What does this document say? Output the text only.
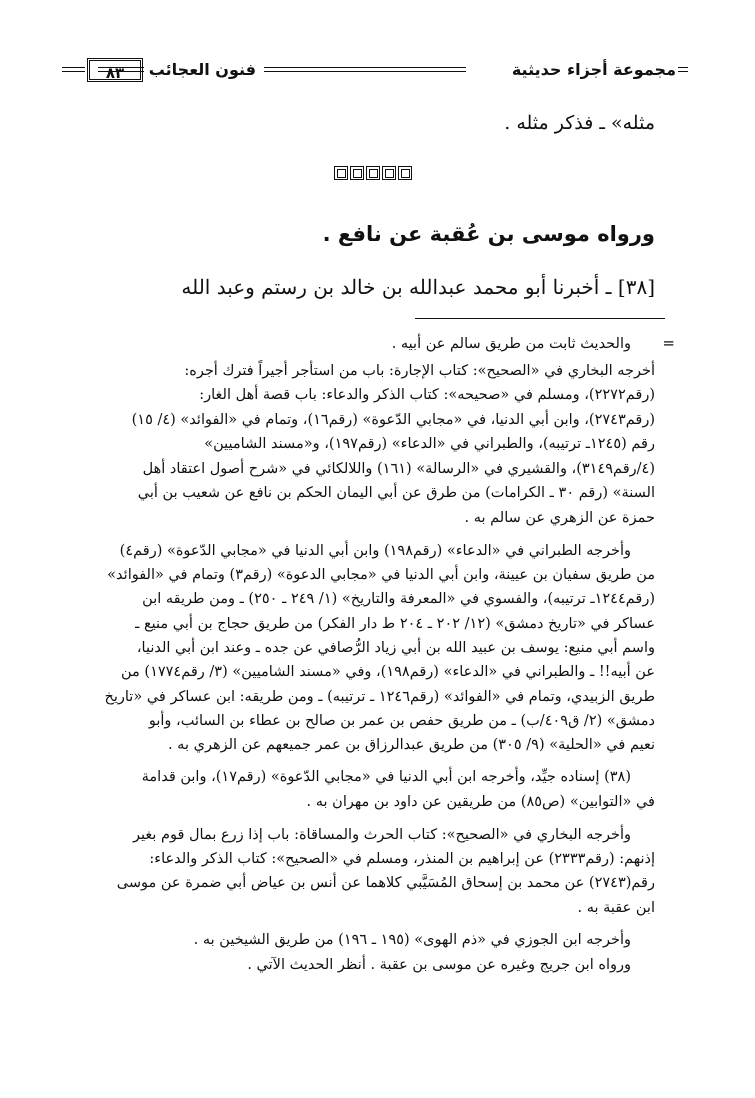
مجموعة أجزاء حديثية
فنون العجائب
٨٣
مثله» ـ فذكر مثله .
ورواه موسى بن عُقبة عن نافع .
[٣٨] ـ أخبرنا أبو محمد عبدالله بن خالد بن رستم وعبد الله
=
والحديث ثابت من طريق سالم عن أبيه .
أخرجه البخاري في «الصحيح»: كتاب الإجارة: باب من استأجر أجيراً فترك أجره:
(رقم٢٢٧٢)، ومسلم في «صحيحه»: كتاب الذكر والدعاء: باب قصة أهل الغار:
(رقم٢٧٤٣)، وابن أبي الدنيا، في «مجابي الدّعوة» (رقم١٦)، وتمام في «الفوائد» (٤/ ١٥)
رقم (١٢٤٥ـ ترتيبه)، والطبراني في «الدعاء» (رقم١٩٧)، و«مسند الشاميين»
(٤/رقم٣١٤٩)، والقشيري في «الرسالة» (١٦١) واللالكائي في «شرح أصول اعتقاد أهل
السنة» (رقم ٣٠ ـ الكرامات) من طرق عن أبي اليمان الحكم بن نافع عن شعيب بن أبي
حمزة عن الزهري عن سالم به .
وأخرجه الطبراني في «الدعاء» (رقم١٩٨) وابن أبي الدنيا في «مجابي الدّعوة» (رقم٤)
من طريق سفيان بن عيينة، وابن أبي الدنيا في «مجابي الدعوة» (رقم٣) وتمام في «الفوائد»
(رقم١٢٤٤ـ ترتيبه)، والفسوي في «المعرفة والتاريخ» (١/ ٢٤٩ ـ ٢٥٠) ـ ومن طريقه ابن
عساكر في «تاريخ دمشق» (١٢/ ٢٠٢ ـ ٢٠٤ ط دار الفكر) من طريق حجاج بن أبي منيع ـ
واسم أبي منيع: يوسف بن عبيد الله بن أبي زياد الرُّصافي عن جده ـ وعند ابن أبي الدنيا،
عن أبيه!! ـ والطبراني في «الدعاء» (رقم١٩٨)، وفي «مسند الشاميين» (٣/ رقم١٧٧٤) من
طريق الزبيدي، وتمام في «الفوائد» (رقم١٢٤٦ ـ ترتيبه) ـ ومن طريقه: ابن عساكر في «تاريخ
دمشق» (٢/ ق٤٠٩/ب) ـ من طريق حفص بن عمر بن صالح بن عطاء بن السائب، وأبو
نعيم في «الحلية» (٩/ ٣٠٥) من طريق عبدالرزاق بن عمر جميعهم عن الزهري به .
(٣٨) إسناده جيِّد، وأخرجه ابن أبي الدنيا في «مجابي الدّعوة» (رقم١٧)، وابن قدامة
في «التوابين» (ص٨٥) من طريقين عن داود بن مهران به .
وأخرجه البخاري في «الصحيح»: كتاب الحرث والمساقاة: باب إذا زرع بمال قوم بغير
إذنهم: (رقم٢٣٣٣) عن إبراهيم بن المنذر، ومسلم في «الصحيح»: كتاب الذكر والدعاء:
رقم(٢٧٤٣) عن محمد بن إسحاق المُسَيَّبي كلاهما عن أنس بن عياض أبي ضمرة عن موسى
ابن عقبة به .
وأخرجه ابن الجوزي في «ذم الهوى» (١٩٥ ـ ١٩٦) من طريق الشيخين به .
ورواه ابن جريج وغيره عن موسى بن عقبة . أنظر الحديث الآتي .
